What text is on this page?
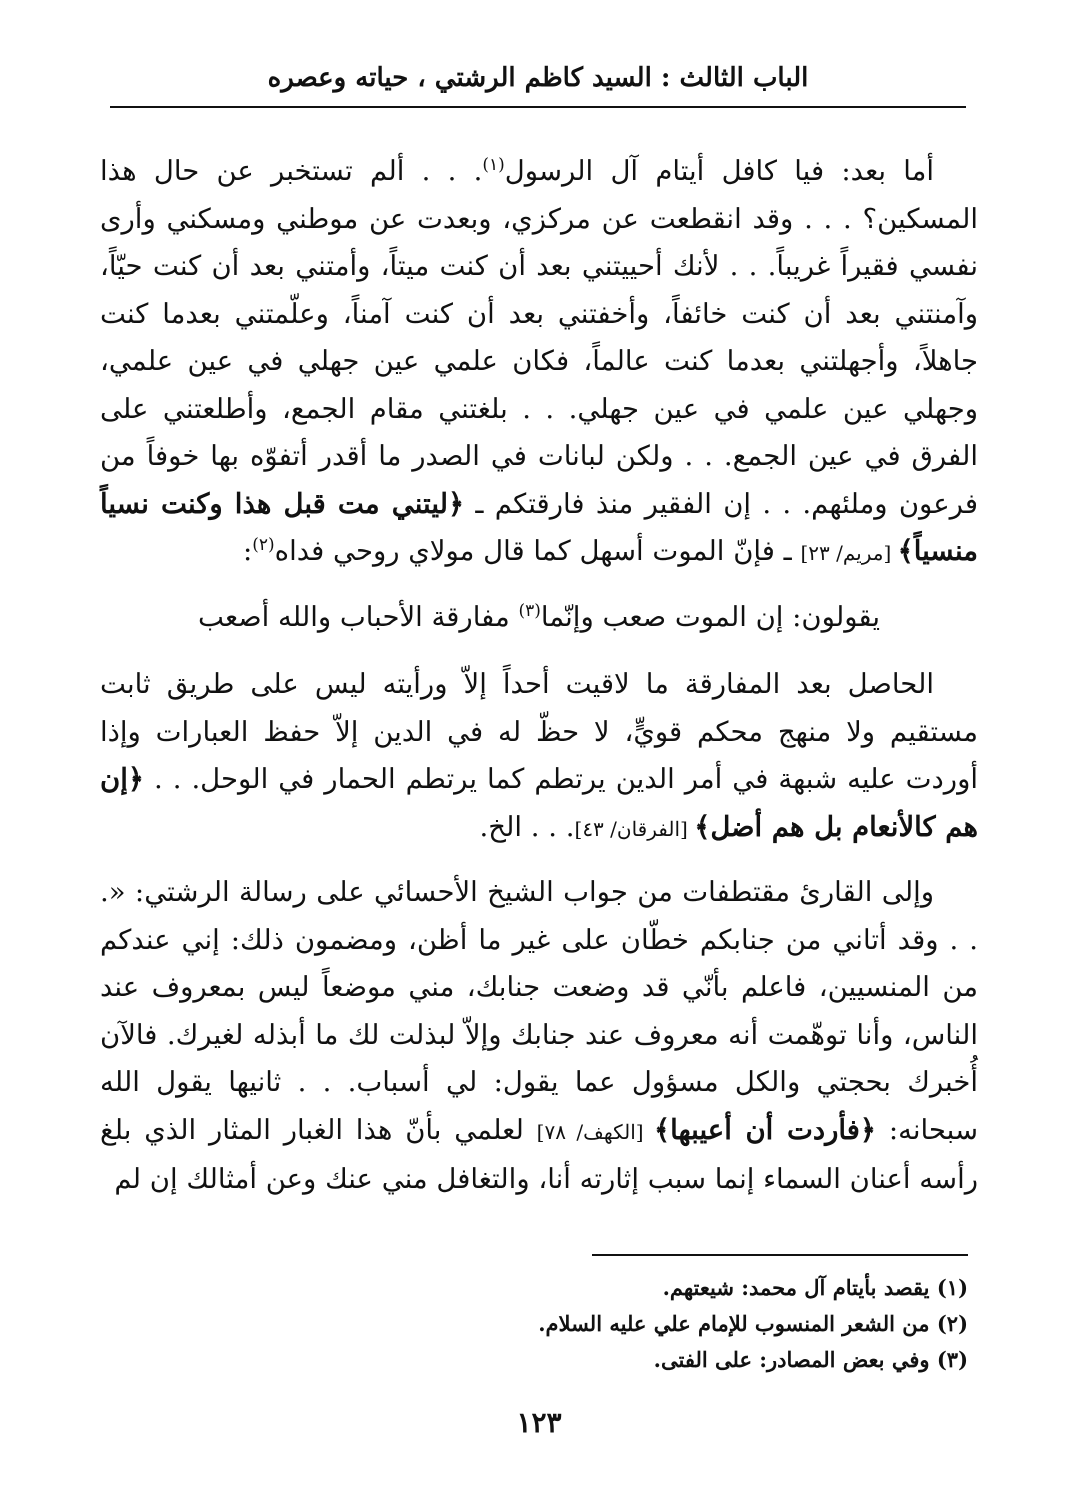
الباب الثالث : السيد كاظم الرشتي ، حياته وعصره

أما بعد: فيا كافل أيتام آل الرسول$^{(١)}$. . . ألم تستخبر عن حال هذا المسكين؟ . . . وقد انقطعت عن مركزي، وبعدت عن موطني ومسكني وأرى نفسي فقيراً غريباً. . . لأنك أحييتني بعد أن كنت ميتاً، وأمتني بعد أن كنت حيّاً، وآمنتني بعد أن كنت خائفاً، وأخفتني بعد أن كنت آمناً، وعلّمتني بعدما كنت جاهلاً، وأجهلتني بعدما كنت عالماً، فكان علمي عين جهلي في عين علمي، وجهلي عين علمي في عين جهلي. . . بلغتني مقام الجمع، وأطلعتني على الفرق في عين الجمع. . . ولكن لبانات في الصدر ما أقدر أتفوّه بها خوفاً من فرعون وملئهم. . . إن الفقير منذ فارقتكم ـ ﴿ليتني مت قبل هذا وكنت نسياً منسياً﴾ [مريم/ ٢٣] ـ فإنّ الموت أسهل كما قال مولاي روحي فداه$^{(٢)}$:

يقولون: إن الموت صعب وإنّما$^{(٣)}$ مفارقة الأحباب والله أصعب

الحاصل بعد المفارقة ما لاقيت أحداً إلاّ ورأيته ليس على طريق ثابت مستقيم ولا منهج محكم قويٍّ، لا حظّ له في الدين إلاّ حفظ العبارات وإذا أوردت عليه شبهة في أمر الدين يرتطم كما يرتطم الحمار في الوحل. . . ﴿إن هم كالأنعام بل هم أضل﴾ [الفرقان/ ٤٣]. . . الخ.

وإلى القارئ مقتطفات من جواب الشيخ الأحسائي على رسالة الرشتي: «. . . وقد أتاني من جنابكم خطّان على غير ما أظن، ومضمون ذلك: إني عندكم من المنسيين، فاعلم بأنّي قد وضعت جنابك، مني موضعاً ليس بمعروف عند الناس، وأنا توهّمت أنه معروف عند جنابك وإلاّ لبذلت لك ما أبذله لغيرك. فالآن أُخبرك بحجتي والكل مسؤول عما يقول: لي أسباب. . . ثانيها يقول الله سبحانه: ﴿فأردت أن أعيبها﴾ [الكهف/ ٧٨] لعلمي بأنّ هذا الغبار المثار الذي بلغ رأسه أعنان السماء إنما سبب إثارته أنا، والتغافل مني عنك وعن أمثالك إن لم

(١) يقصد بأيتام آل محمد: شيعتهم.

(٢) من الشعر المنسوب للإمام علي عليه السلام.

(٣) وفي بعض المصادر: على الفتى.

١٢٣
